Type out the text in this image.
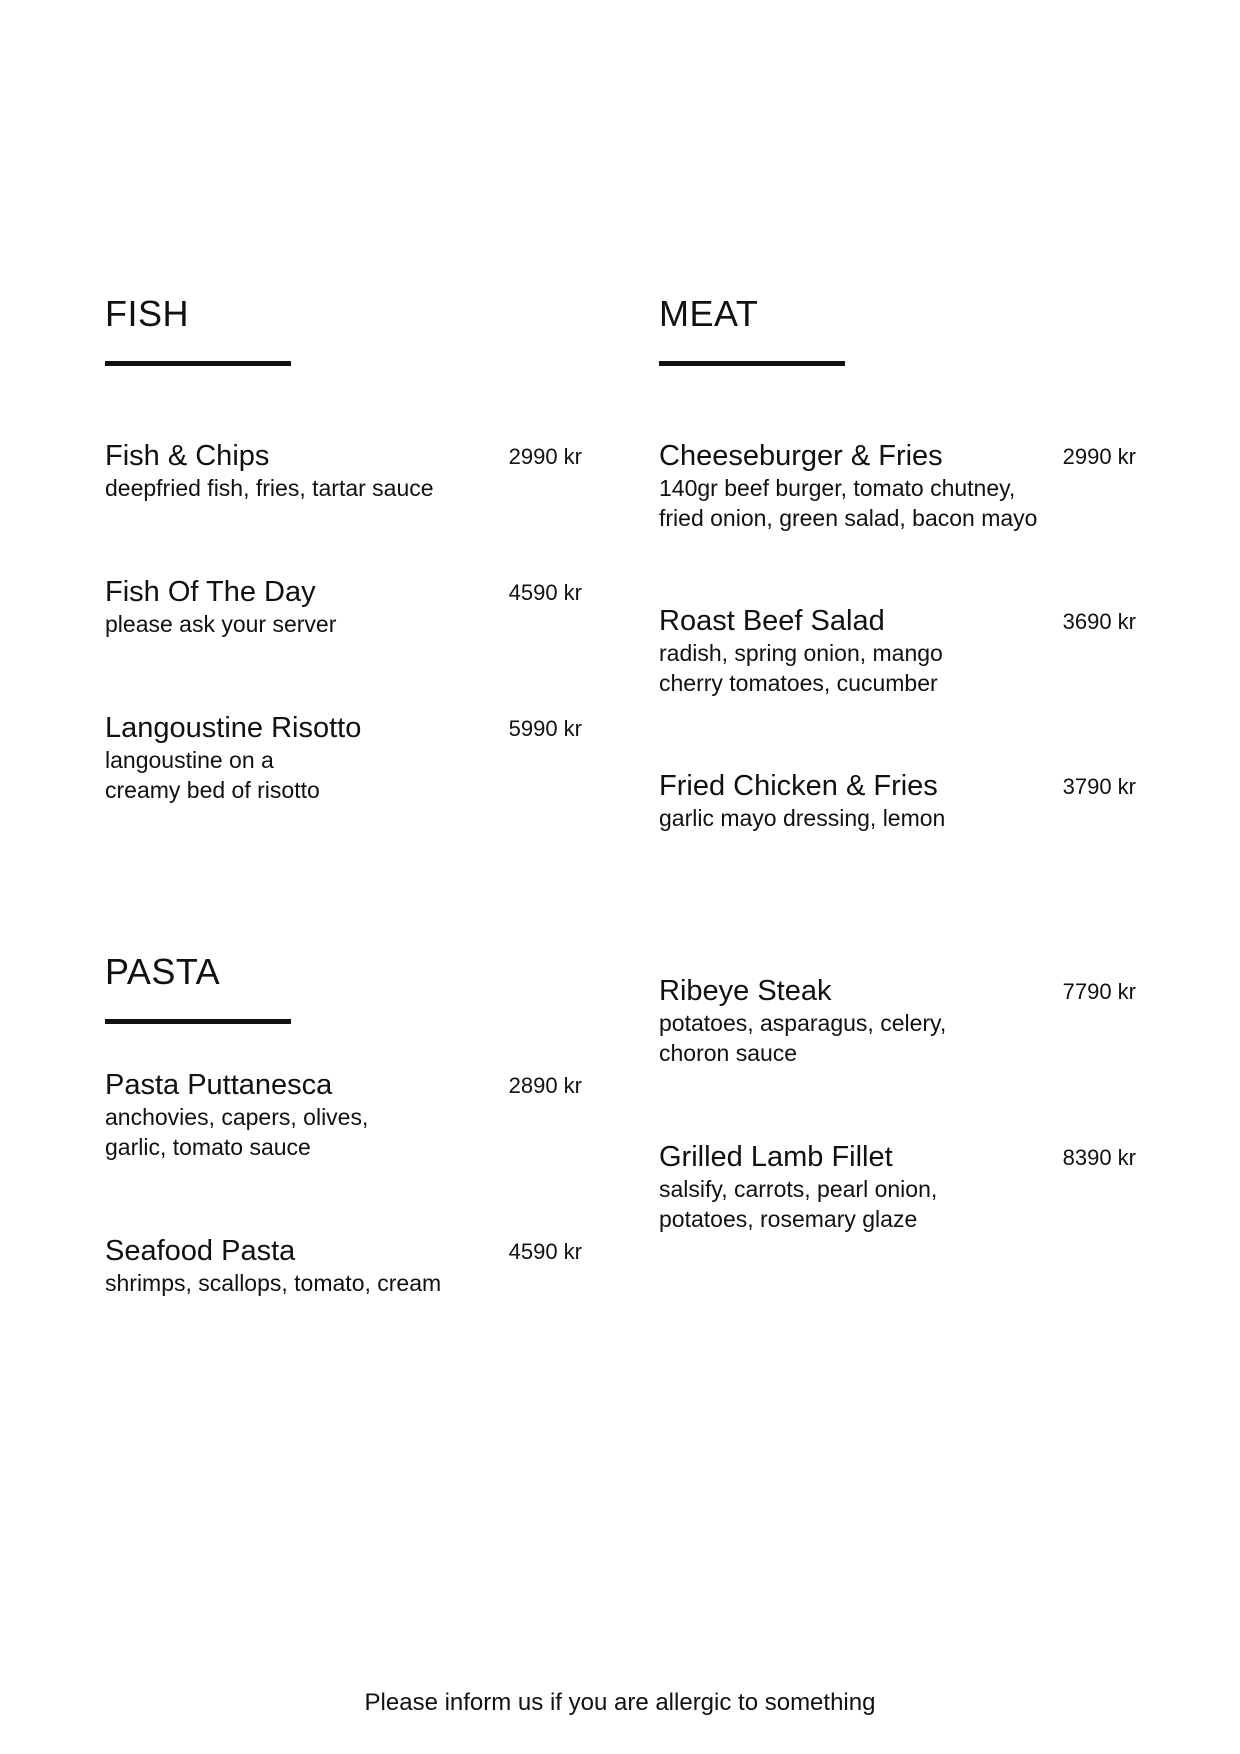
FISH	MEAT
PASTA
Fish & Chips	2990 kr
deepfried fish, fries, tartar sauce
Fish Of The Day	4590 kr
please ask your server
Langoustine Risotto	5990 kr
langoustine on a
creamy bed of risotto
Pasta Puttanesca	2890 kr
anchovies, capers, olives,
garlic, tomato sauce
Seafood Pasta	4590 kr
shrimps, scallops, tomato, cream
Cheeseburger & Fries	2990 kr
140gr beef burger, tomato chutney,
fried onion, green salad, bacon mayo
Roast Beef Salad	3690 kr
radish, spring onion, mango
cherry tomatoes, cucumber
Fried Chicken & Fries	3790 kr
garlic mayo dressing, lemon
Ribeye Steak	7790 kr
potatoes, asparagus, celery,
choron sauce
Grilled Lamb Fillet	8390 kr
salsify, carrots, pearl onion,
potatoes, rosemary glaze
Please inform us if you are allergic to something
